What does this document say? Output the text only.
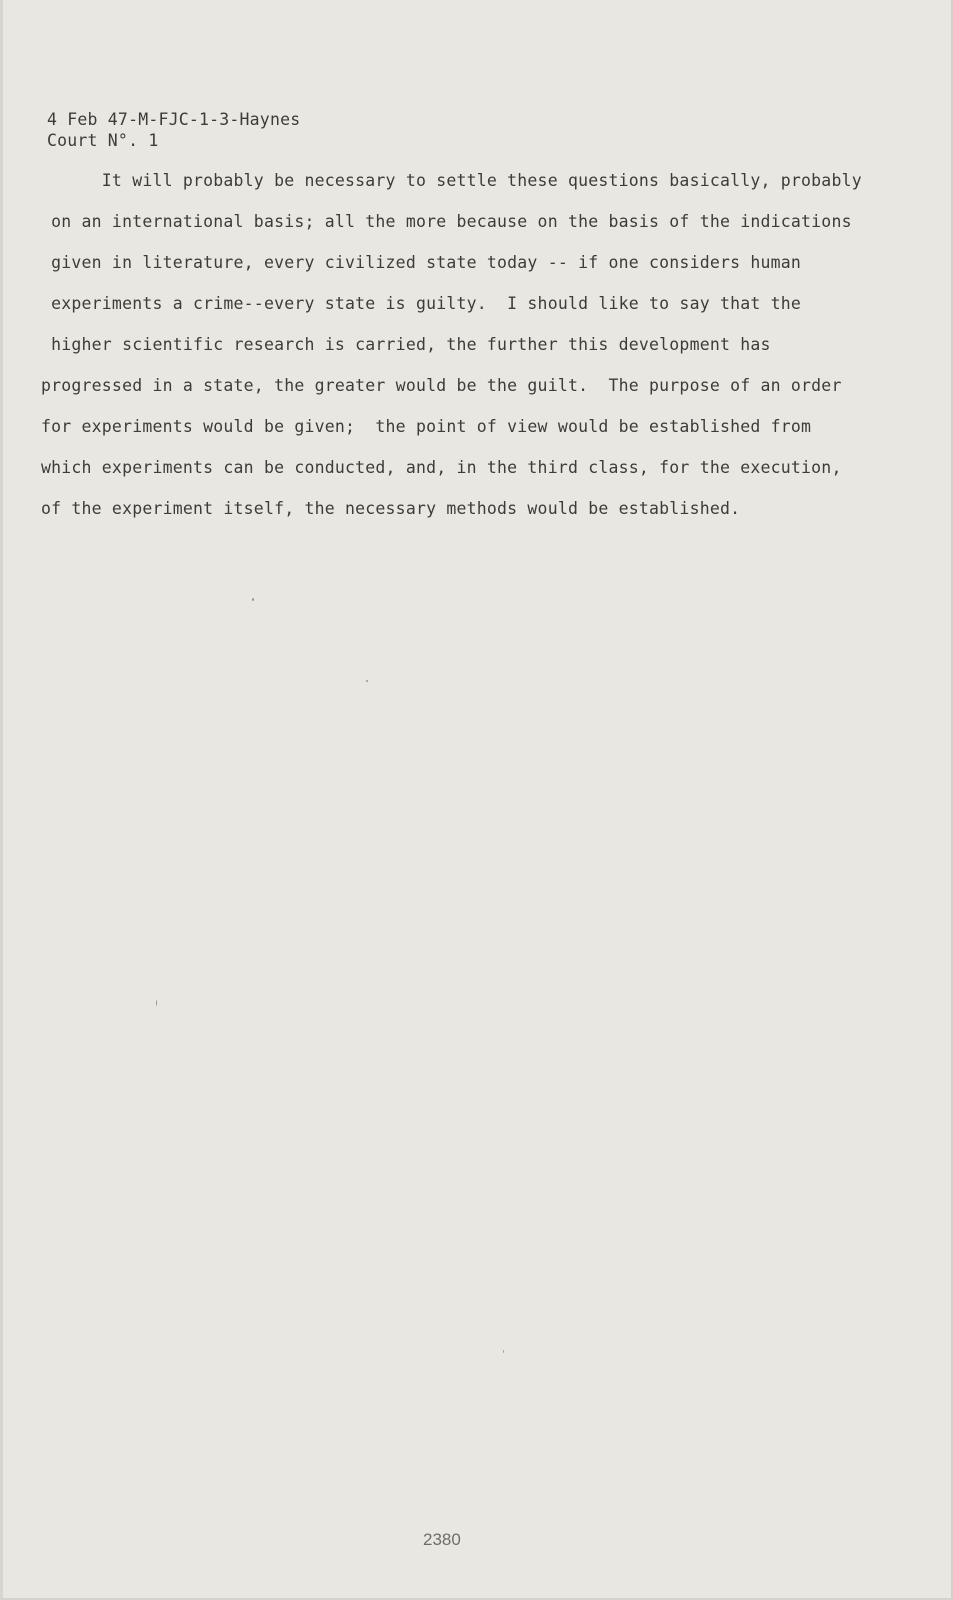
4 Feb 47-M-FJC-1-3-Haynes
Court N°. 1
It will probably be necessary to settle these questions basically, probably
on an international basis; all the more because on the basis of the indications
given in literature, every civilized state today -- if one considers human
experiments a crime--every state is guilty.  I should like to say that the
higher scientific research is carried, the further this development has
progressed in a state, the greater would be the guilt.  The purpose of an order
for experiments would be given;  the point of view would be established from
which experiments can be conducted, and, in the third class, for the execution,
of the experiment itself, the necessary methods would be established.
2380
